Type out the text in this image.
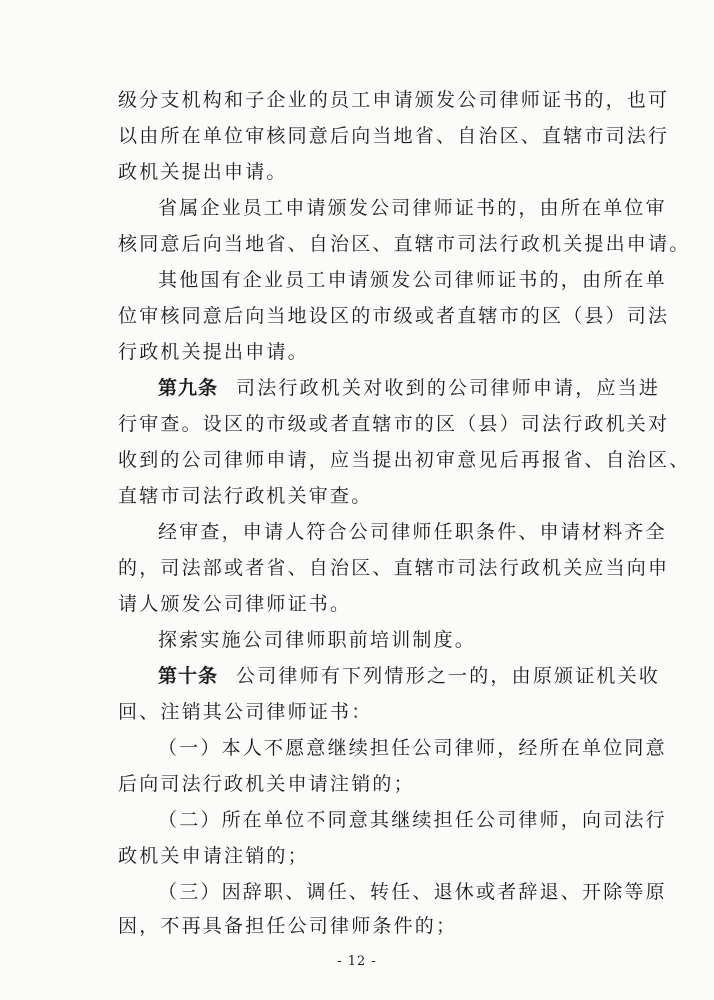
级分支机构和子企业的员工申请颁发公司律师证书的，也可
以由所在单位审核同意后向当地省、自治区、直辖市司法行
政机关提出申请。
省属企业员工申请颁发公司律师证书的，由所在单位审
核同意后向当地省、自治区、直辖市司法行政机关提出申请。
其他国有企业员工申请颁发公司律师证书的，由所在单
位审核同意后向当地设区的市级或者直辖市的区（县）司法
行政机关提出申请。
第九条 司法行政机关对收到的公司律师申请，应当进
行审查。设区的市级或者直辖市的区（县）司法行政机关对
收到的公司律师申请，应当提出初审意见后再报省、自治区、
直辖市司法行政机关审查。
经审查，申请人符合公司律师任职条件、申请材料齐全
的，司法部或者省、自治区、直辖市司法行政机关应当向申
请人颁发公司律师证书。
探索实施公司律师职前培训制度。
第十条 公司律师有下列情形之一的，由原颁证机关收
回、注销其公司律师证书：
（一）本人不愿意继续担任公司律师，经所在单位同意
后向司法行政机关申请注销的；
（二）所在单位不同意其继续担任公司律师，向司法行
政机关申请注销的；
- 12 -
（三）因辞职、调任、转任、退休或者辞退、开除等原
因，不再具备担任公司律师条件的；
